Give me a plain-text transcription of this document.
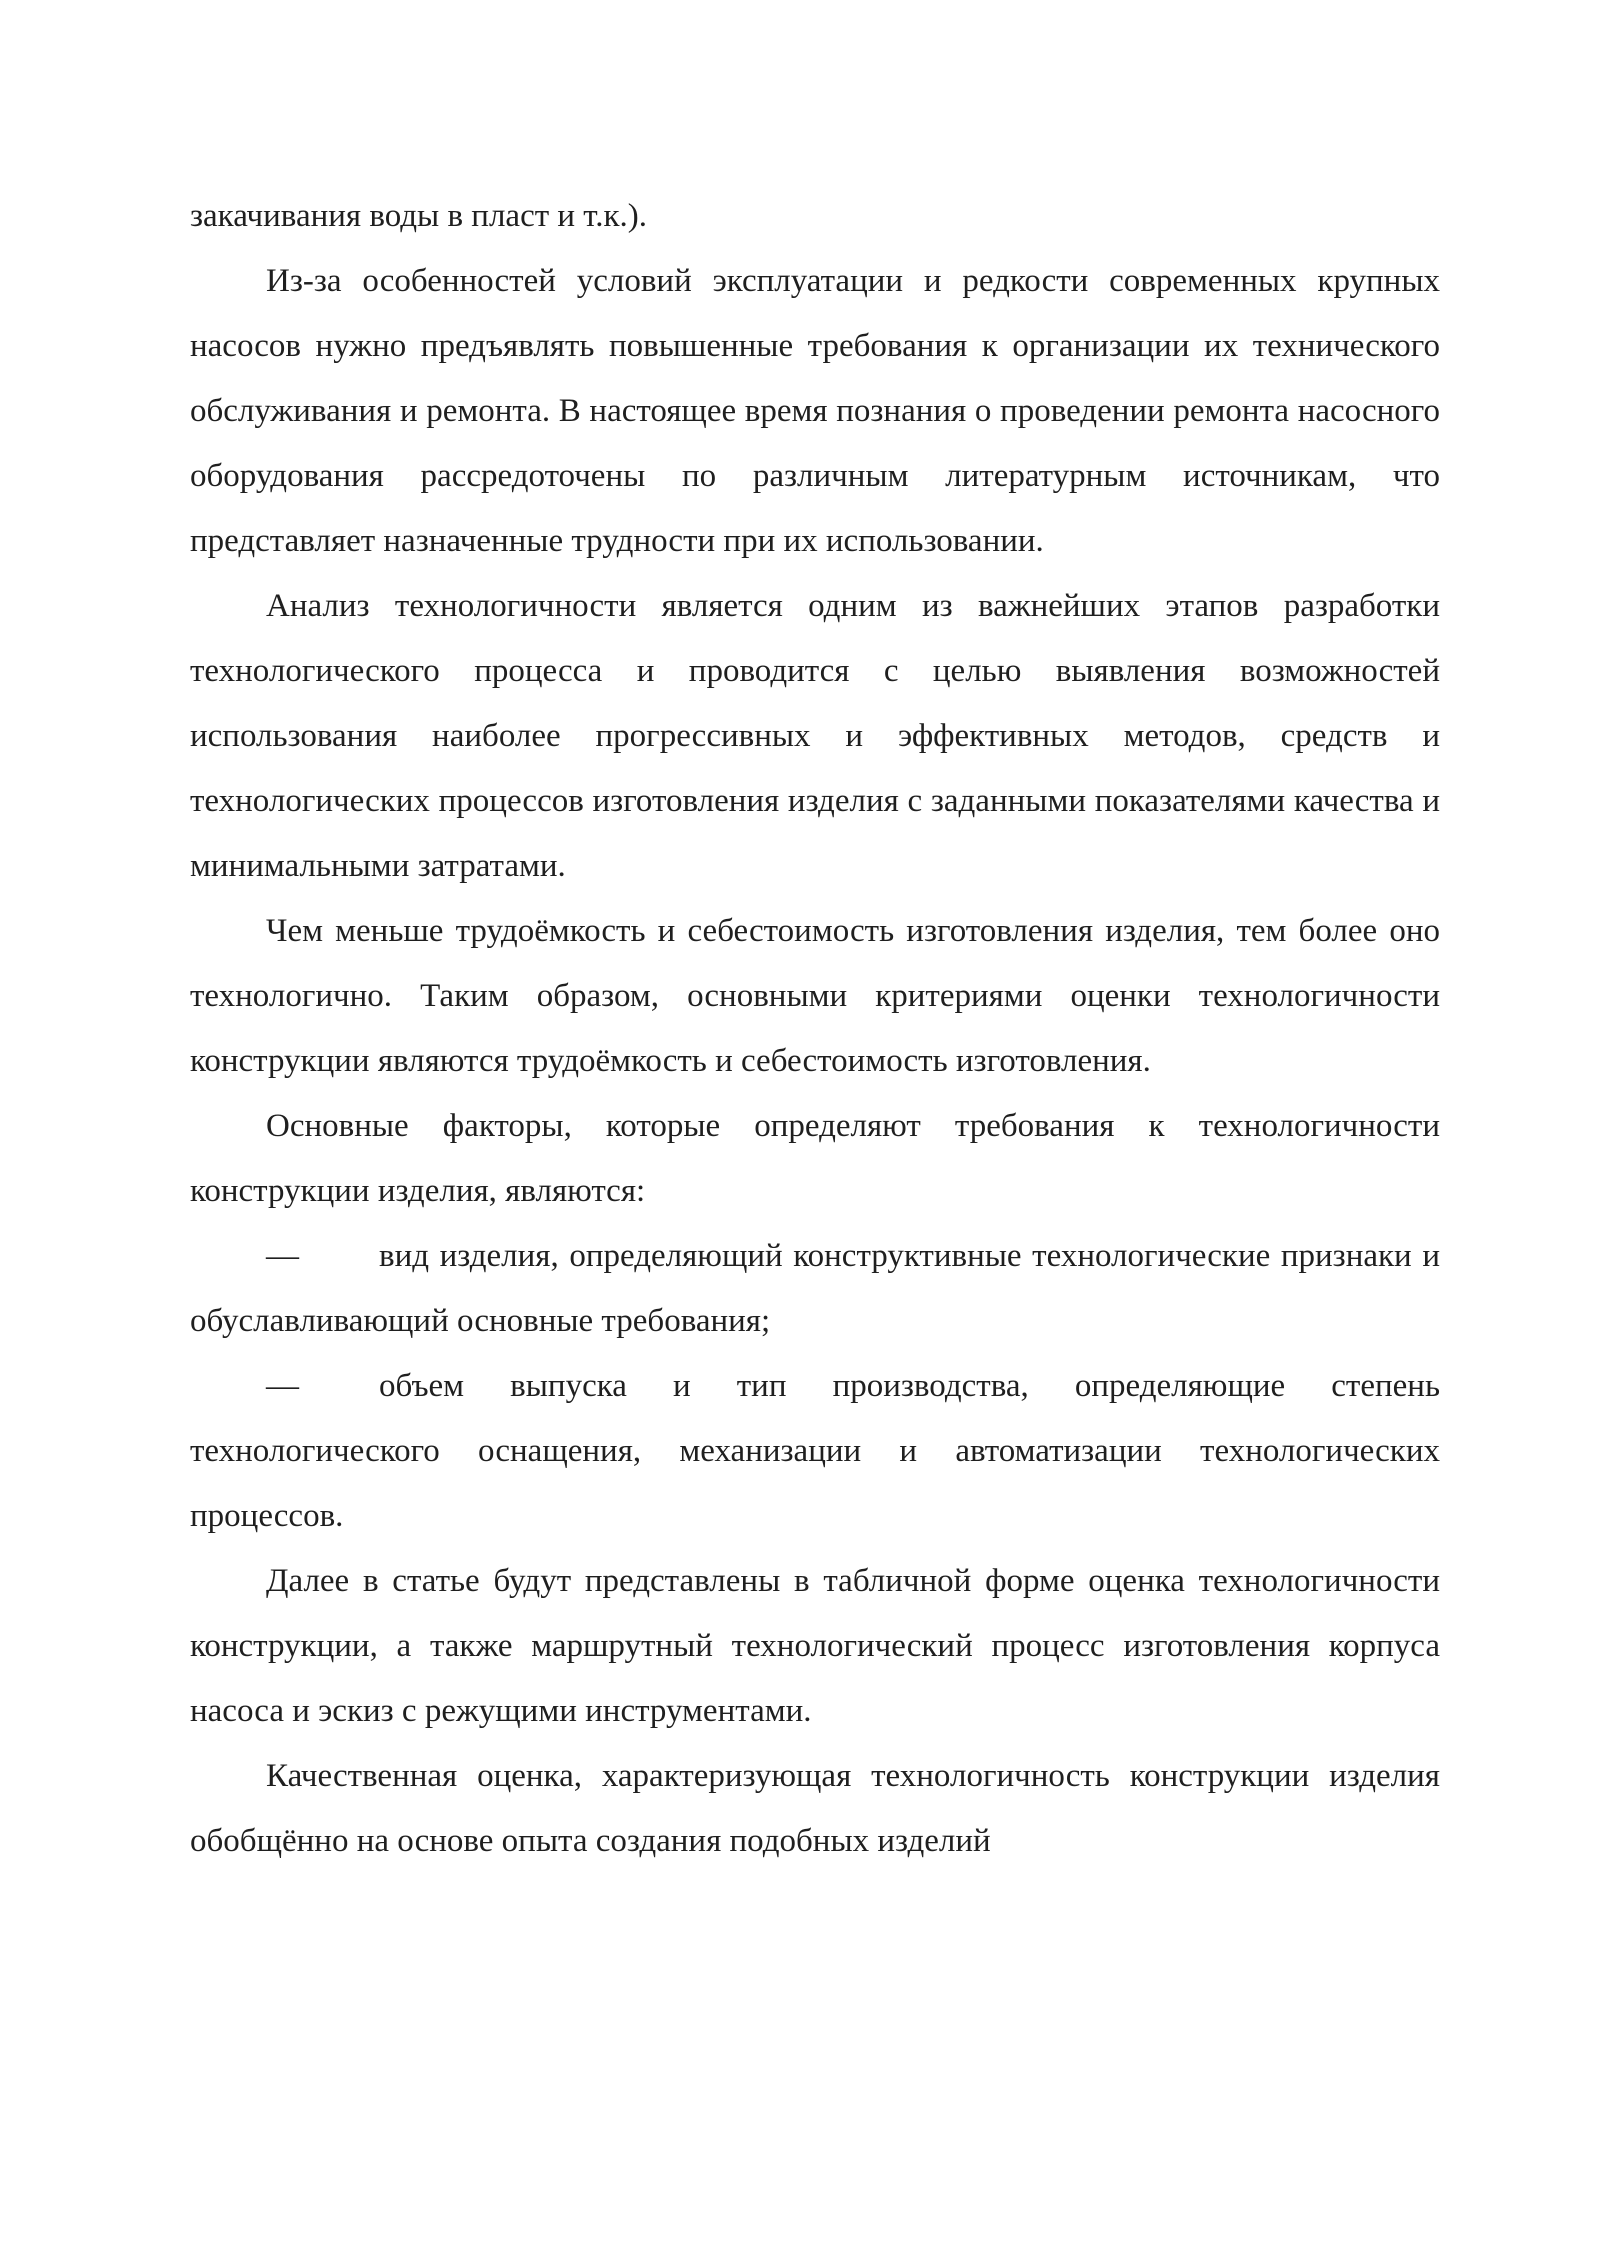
закачивания воды в пласт и т.к.).

Из-за особенностей условий эксплуатации и редкости современных крупных насосов нужно предъявлять повышенные требования к организации их технического обслуживания и ремонта. В настоящее время познания о проведении ремонта насосного оборудования рассредоточены по различным литературным источникам, что представляет назначенные трудности при их использовании.

Анализ технологичности является одним из важнейших этапов разработки технологического процесса и проводится с целью выявления возможностей использования наиболее прогрессивных и эффективных методов, средств и технологических процессов изготовления изделия с заданными показателями качества и минимальными затратами.

Чем меньше трудоёмкость и себестоимость изготовления изделия, тем более оно технологично. Таким образом, основными критериями оценки технологичности конструкции являются трудоёмкость и себестоимость изготовления.

Основные факторы, которые определяют требования к технологичности конструкции изделия, являются:

— вид изделия, определяющий конструктивные технологические признаки и обуславливающий основные требования;

— объем выпуска и тип производства, определяющие степень технологического оснащения, механизации и автоматизации технологических процессов.

Далее в статье будут представлены в табличной форме оценка технологичности конструкции, а также маршрутный технологический процесс изготовления корпуса насоса и эскиз с режущими инструментами.

Качественная оценка, характеризующая технологичность конструкции изделия обобщённо на основе опыта создания подобных изделий
